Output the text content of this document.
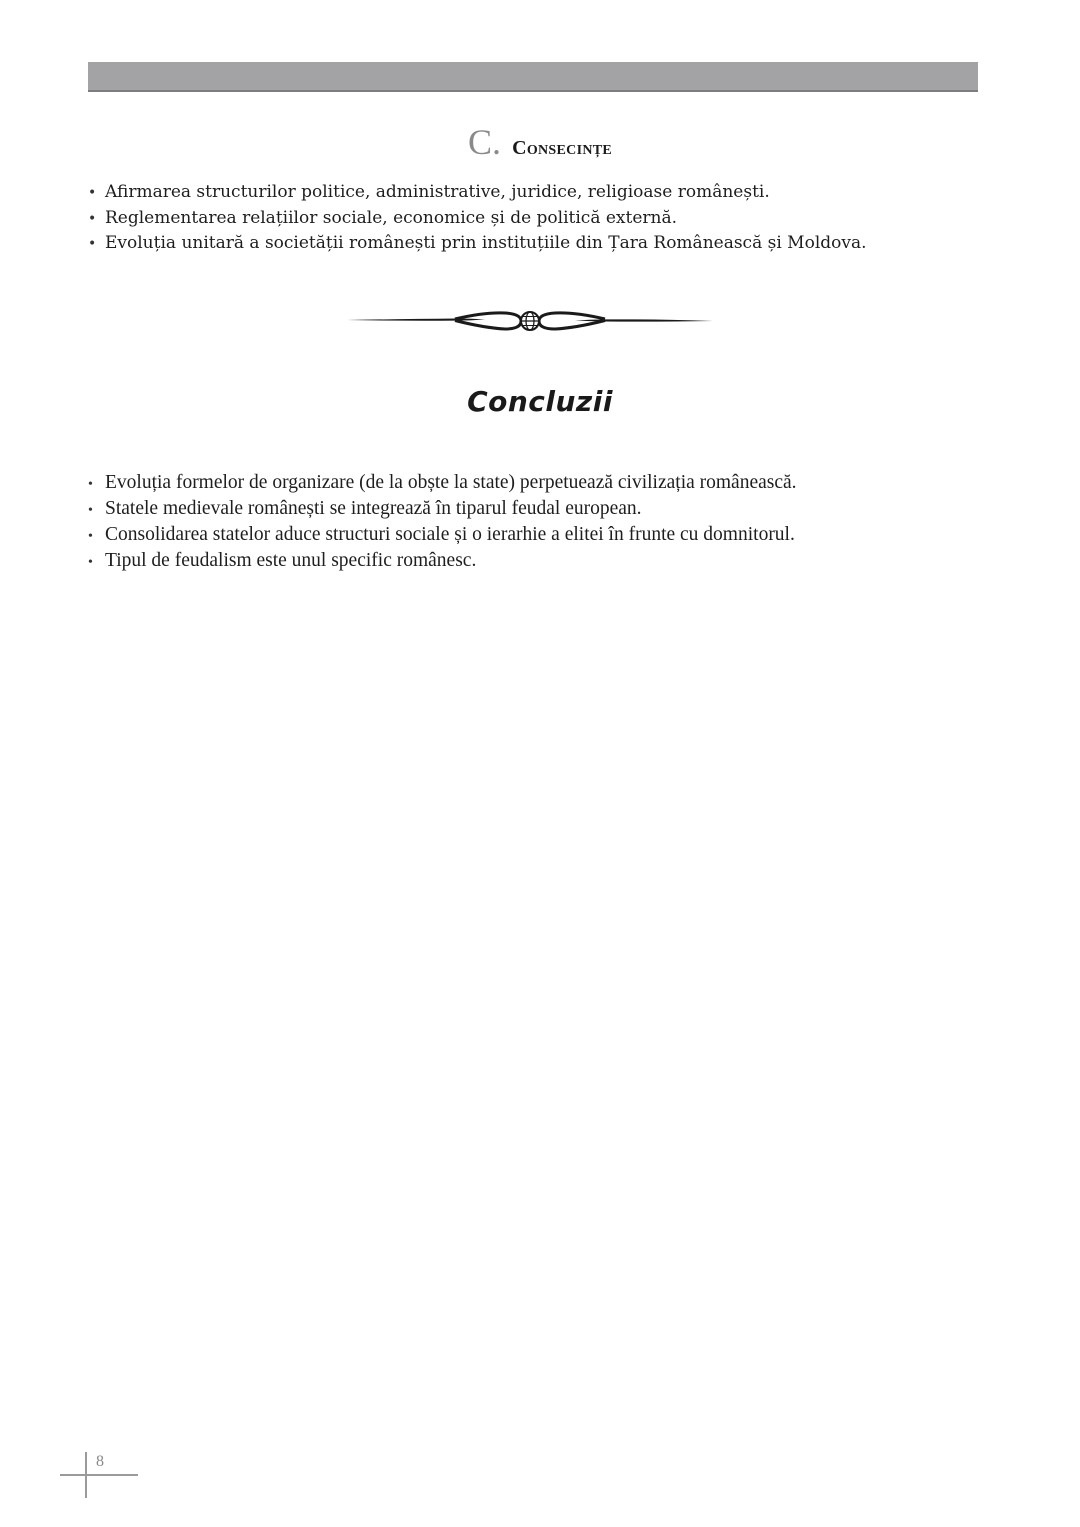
C. Consecințe
• Afirmarea structurilor politice, administrative, juridice, religioase românești.
• Reglementarea relațiilor sociale, economice și de politică externă.
• Evoluția unitară a societății românești prin instituțiile din Țara Românească și Moldova.
Concluzii
• Evoluția formelor de organizare (de la obște la state) perpetuează civilizația românească.
• Statele medievale românești se integrează în tiparul feudal european.
• Consolidarea statelor aduce structuri sociale și o ierarhie a elitei în frunte cu domnitorul.
• Tipul de feudalism este unul specific românesc.
8
